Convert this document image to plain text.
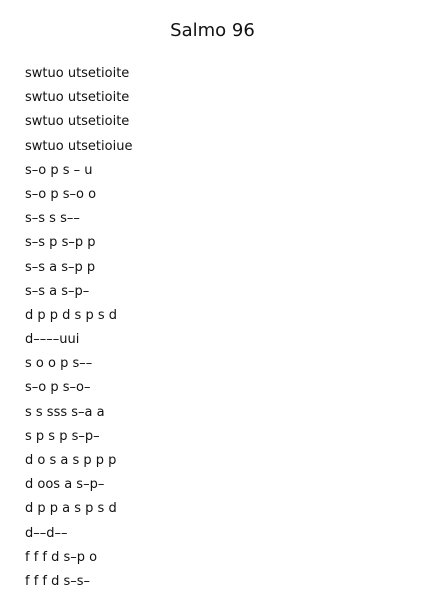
Salmo 96
swtuo utsetioite
swtuo utsetioite
swtuo utsetioite
swtuo utsetioiue
s–o p s – u
s–o p s–o o
s–s s s––
s–s p s–p p
s–s a s–p p
s–s a s–p–
d p p d s p s d
d––––uui
s o o p s––
s–o p s–o–
s s sss s–a a
s p s p s–p–
d o s a s p p p
d oos a s–p–
d p p a s p s d
d––d––
f f f d s–p o
f f f d s–s–
